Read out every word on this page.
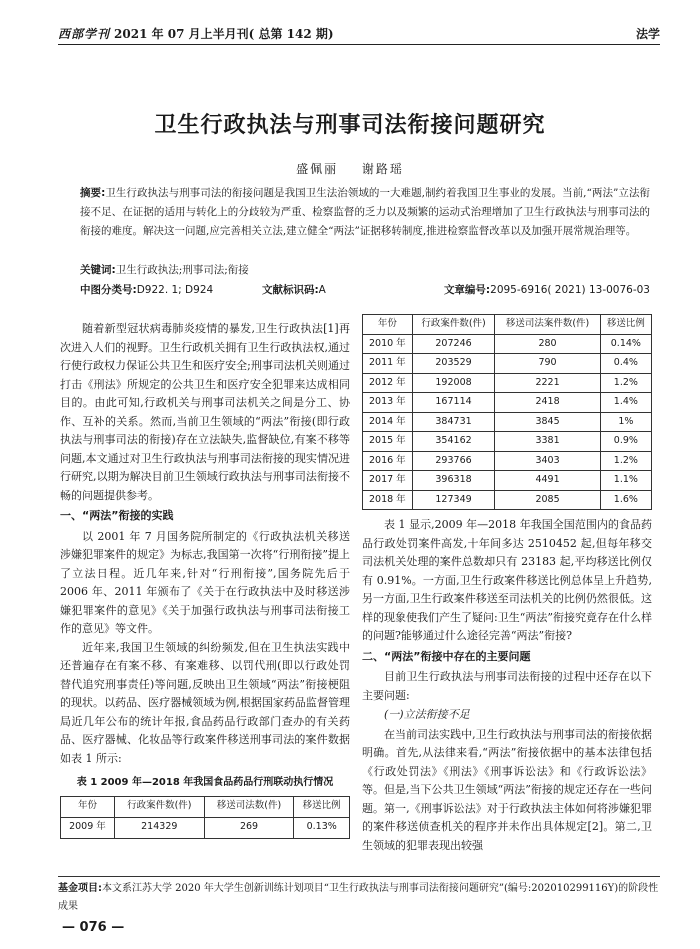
西部学刊 2021 年 07 月上半月刊( 总第 142 期)	法学
卫生行政执法与刑事司法衔接问题研究
盛佩丽 谢路瑶
摘要:卫生行政执法与刑事司法的衔接问题是我国卫生法治领域的一大难题,制约着我国卫生事业的发展。当前,“两法”立法衔接不足、在证据的适用与转化上的分歧较为严重、检察监督的乏力以及频繁的运动式治理增加了卫生行政执法与刑事司法的衔接的难度。解决这一问题,应完善相关立法,建立健全“两法”证据移转制度,推进检察监督改革以及加强开展常规治理等。
关键词:卫生行政执法;刑事司法;衔接
中图分类号:D922. 1; D924	文献标识码:A	文章编号:2095-6916( 2021) 13-0076-03

随着新型冠状病毒肺炎疫情的暴发,卫生行政执法[1]再次进入人们的视野。卫生行政机关拥有卫生行政执法权,通过行使行政权力保证公共卫生和医疗安全;刑事司法机关则通过打击《刑法》所规定的公共卫生和医疗安全犯罪来达成相同目的。由此可知,行政机关与刑事司法机关之间是分工、协作、互补的关系。然而,当前卫生领域的“两法”衔接(即行政执法与刑事司法的衔接)存在立法缺失,监督缺位,有案不移等问题,本文通过对卫生行政执法与刑事司法衔接的现实情况进行研究,以期为解决目前卫生领域行政执法与刑事司法衔接不畅的问题提供参考。

一、“两法”衔接的实践

以 2001 年 7 月国务院所制定的《行政执法机关移送涉嫌犯罪案件的规定》为标志,我国第一次将“行刑衔接”提上了立法日程。近几年来,针对“行刑衔接”,国务院先后于 2006 年、2011 年颁布了《关于在行政执法中及时移送涉嫌犯罪案件的意见》《关于加强行政执法与刑事司法衔接工作的意见》等文件。

近年来,我国卫生领域的纠纷频发,但在卫生执法实践中还普遍存在有案不移、有案难移、以罚代刑(即以行政处罚替代追究刑事责任)等问题,反映出卫生领域“两法”衔接梗阻的现状。以药品、医疗器械领域为例,根据国家药品监督管理局近几年公布的统计年报,食品药品行政部门查办的有关药品、医疗器械、化妆品等行政案件移送刑事司法的案件数据如表 1 所示:

表 1 2009 年—2018 年我国食品药品行刑联动执行情况
年份	行政案件数(件)	移送司法数(件)	移送比例
2009 年	214329	269	0.13%
年份	行政案件数(件)	移送司法案件数(件)	移送比例
2010 年	207246	280	0.14%
2011 年	203529	790	0.4%
2012 年	192008	2221	1.2%
2013 年	167114	2418	1.4%
2014 年	384731	3845	1%
2015 年	354162	3381	0.9%
2016 年	293766	3403	1.2%
2017 年	396318	4491	1.1%
2018 年	127349	2085	1.6%

表 1 显示,2009 年—2018 年我国全国范围内的食品药品行政处罚案件高发,十年间多达 2510452 起,但每年移交司法机关处理的案件总数却只有 23183 起,平均移送比例仅有 0.91%。一方面,卫生行政案件移送比例总体呈上升趋势,另一方面,卫生行政案件移送至司法机关的比例仍然很低。这样的现象使我们产生了疑问:卫生“两法”衔接究竟存在什么样的问题?能够通过什么途径完善“两法”衔接?

二、“两法”衔接中存在的主要问题

目前卫生行政执法与刑事司法衔接的过程中还存在以下主要问题:

(一)立法衔接不足

在当前司法实践中,卫生行政执法与刑事司法的衔接依据明确。首先,从法律来看,“两法”衔接依据中的基本法律包括《行政处罚法》《刑法》《刑事诉讼法》和《行政诉讼法》等。但是,当下公共卫生领域“两法”衔接的规定还存在一些问题。第一,《刑事诉讼法》对于行政执法主体如何将涉嫌犯罪的案件移送侦查机关的程序并未作出具体规定[2]。第二,卫生领域的犯罪表现出较强

基金项目:本文系江苏大学 2020 年大学生创新训练计划项目“卫生行政执法与刑事司法衔接问题研究”(编号:202010299116Y)的阶段性成果
— 076 —
